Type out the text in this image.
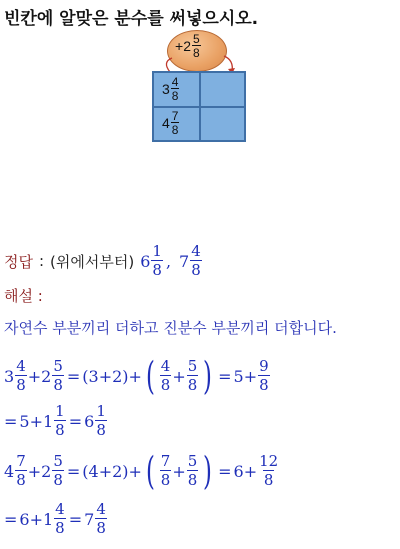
빈칸에 알맞은 분수를 써넣으시오.
+ $2 \frac{5}{8}$
$3 \frac{4}{8}$
$4 \frac{7}{8}$
정답 : (위에서부터) $6 \frac{1}{8}$ , $7 \frac{4}{8}$
해설 :
자연수 부분끼리 더하고 진분수 부분끼리 더합니다.
$3 \frac{4}{8} + 2 \frac{5}{8} = (3+2)$ + ( $\frac{4}{8} + \frac{5}{8}$ ) = $5 + \frac{9}{8}$
= $5+1 \frac{1}{8} = 6 \frac{1}{8}$
$4 \frac{7}{8} + 2 \frac{5}{8} = (4+2)$ + ( $\frac{7}{8} + \frac{5}{8}$ ) = $6 + \frac{12}{8}$
= $6+1 \frac{4}{8} = 7 \frac{4}{8}$
